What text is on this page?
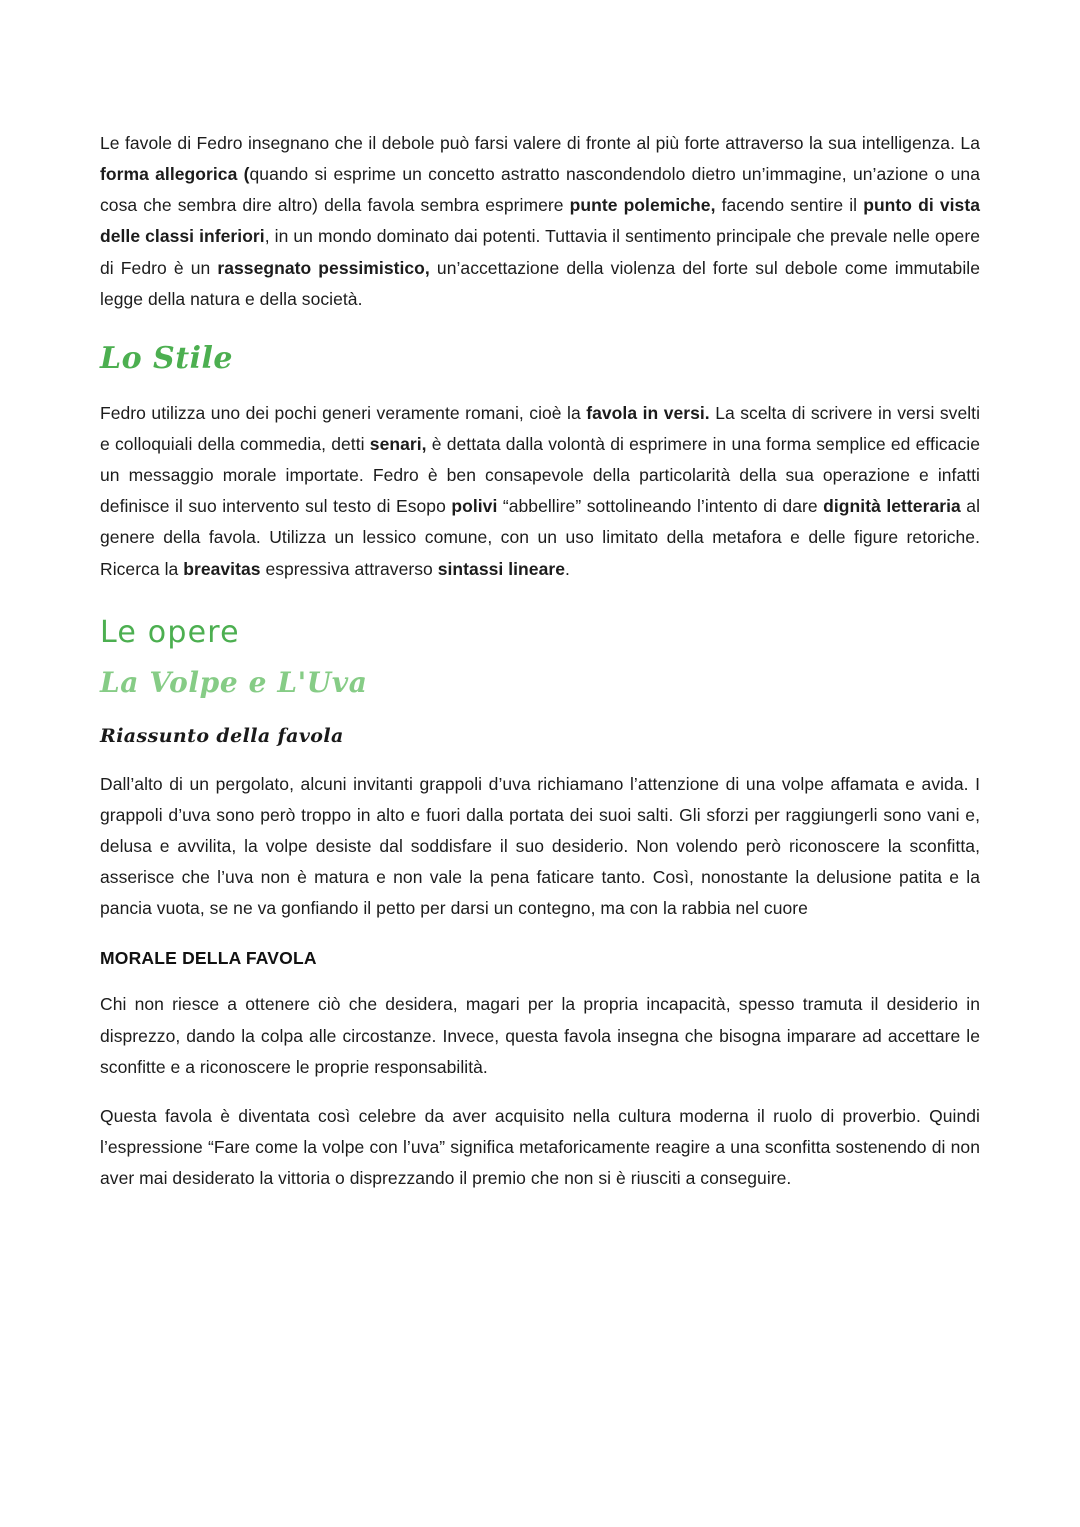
Le favole di Fedro insegnano che il debole può farsi valere di fronte al più forte attraverso la sua intelligenza. La forma allegorica (quando si esprime un concetto astratto nascondendolo dietro un’immagine, un’azione o una cosa che sembra dire altro) della favola sembra esprimere punte polemiche, facendo sentire il punto di vista delle classi inferiori, in un mondo dominato dai potenti. Tuttavia il sentimento principale che prevale nelle opere di Fedro è un rassegnato pessimistico, un’accettazione della violenza del forte sul debole come immutabile legge della natura e della società.

Lo Stile

Fedro utilizza uno dei pochi generi veramente romani, cioè la favola in versi. La scelta di scrivere in versi svelti e colloquiali della commedia, detti senari, è dettata dalla volontà di esprimere in una forma semplice ed efficacie un messaggio morale importate. Fedro è ben consapevole della particolarità della sua operazione e infatti definisce il suo intervento sul testo di Esopo polivi “abbellire” sottolineando l’intento di dare dignità letteraria al genere della favola. Utilizza un lessico comune, con un uso limitato della metafora e delle figure retoriche. Ricerca la breavitas espressiva attraverso sintassi lineare.

Le opere
La Volpe e L'Uva
Riassunto della favola

Dall’alto di un pergolato, alcuni invitanti grappoli d’uva richiamano l’attenzione di una volpe affamata e avida. I grappoli d’uva sono però troppo in alto e fuori dalla portata dei suoi salti. Gli sforzi per raggiungerli sono vani e, delusa e avvilita, la volpe desiste dal soddisfare il suo desiderio. Non volendo però riconoscere la sconfitta, asserisce che l’uva non è matura e non vale la pena faticare tanto. Così, nonostante la delusione patita e la pancia vuota, se ne va gonfiando il petto per darsi un contegno, ma con la rabbia nel cuore

MORALE DELLA FAVOLA

Chi non riesce a ottenere ciò che desidera, magari per la propria incapacità, spesso tramuta il desiderio in disprezzo, dando la colpa alle circostanze. Invece, questa favola insegna che bisogna imparare ad accettare le sconfitte e a riconoscere le proprie responsabilità.

Questa favola è diventata così celebre da aver acquisito nella cultura moderna il ruolo di proverbio. Quindi l’espressione “Fare come la volpe con l’uva” significa metaforicamente reagire a una sconfitta sostenendo di non aver mai desiderato la vittoria o disprezzando il premio che non si è riusciti a conseguire.
